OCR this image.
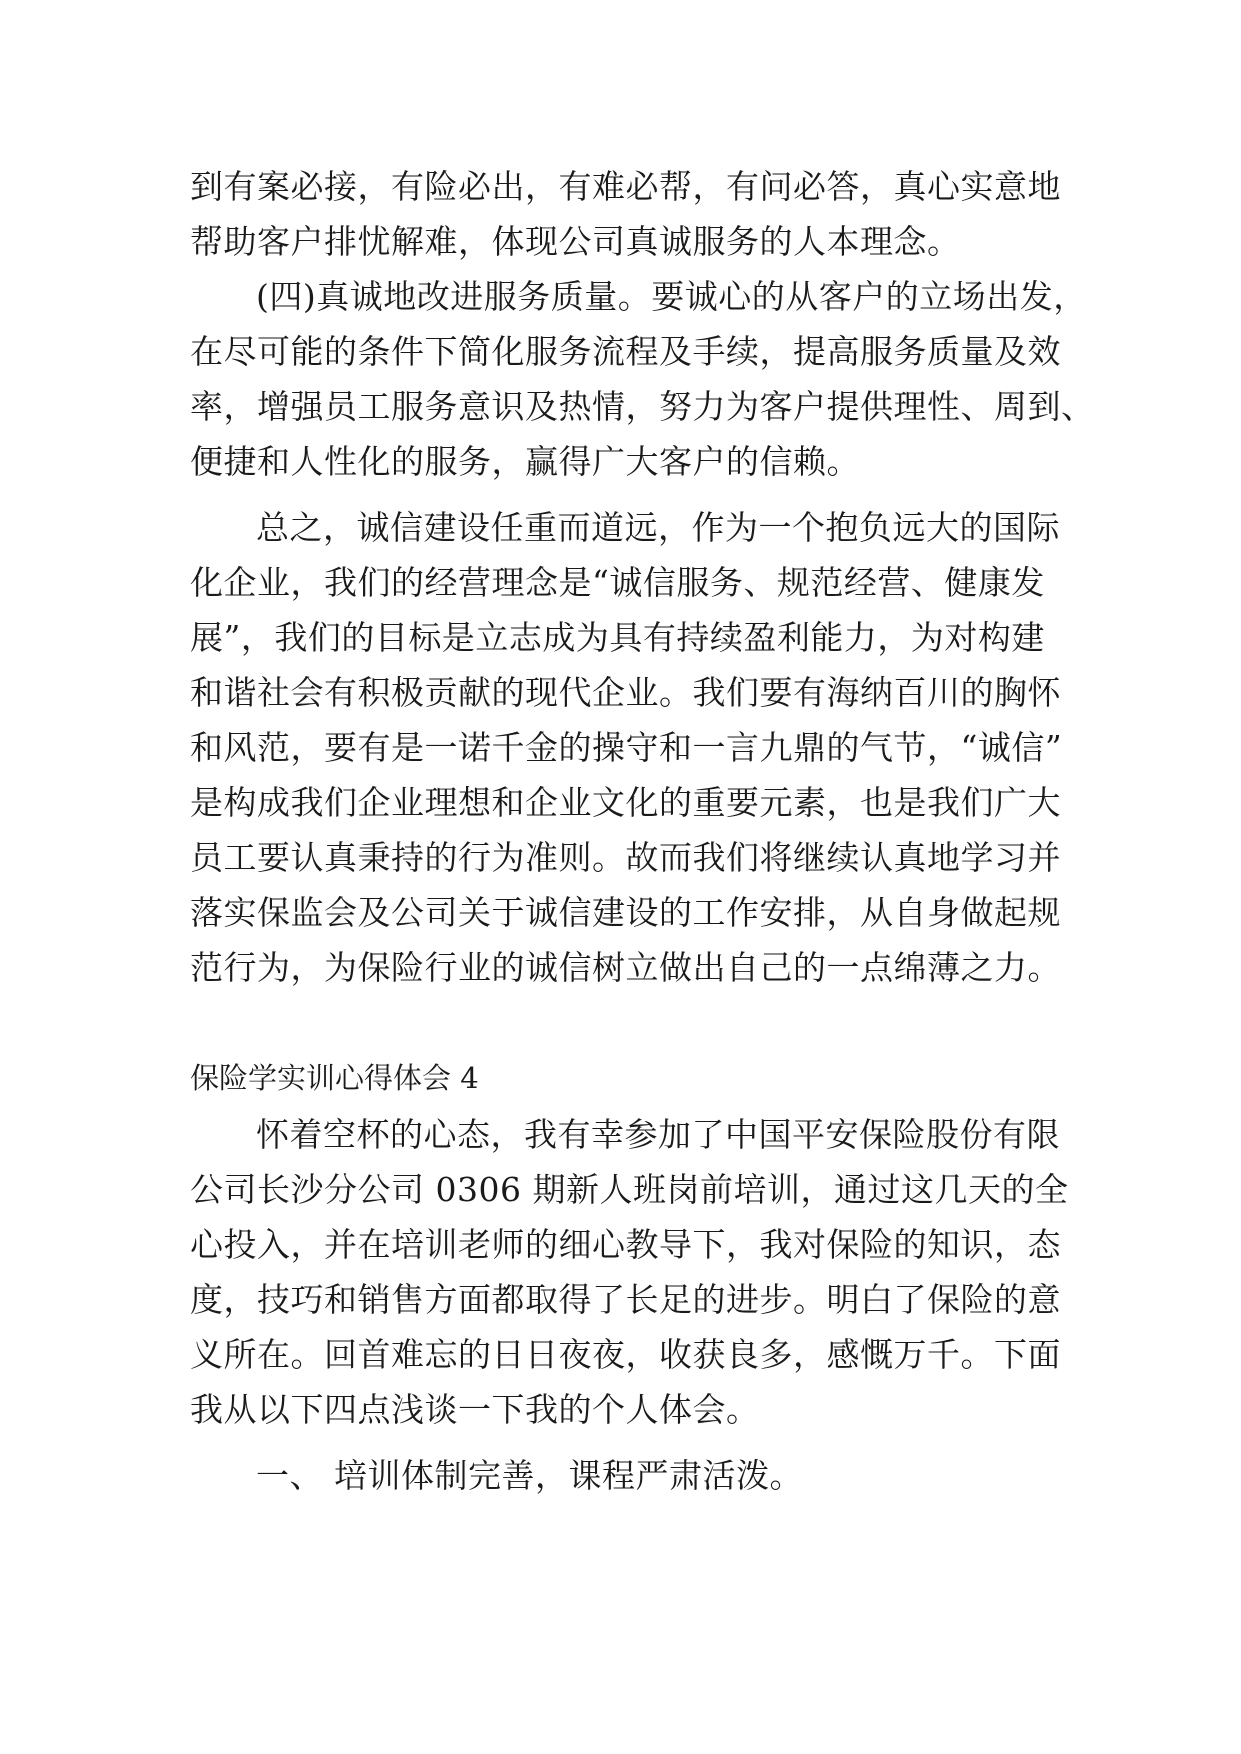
到有案必接，有险必出，有难必帮，有问必答，真心实意地
帮助客户排忧解难，体现公司真诚服务的人本理念。
(四)真诚地改进服务质量。要诚心的从客户的立场出发，
在尽可能的条件下简化服务流程及手续，提高服务质量及效
率，增强员工服务意识及热情，努力为客户提供理性、周到、
便捷和人性化的服务，赢得广大客户的信赖。
总之，诚信建设任重而道远，作为一个抱负远大的国际
化企业，我们的经营理念是“诚信服务、规范经营、健康发
展”，我们的目标是立志成为具有持续盈利能力，为对构建
和谐社会有积极贡献的现代企业。我们要有海纳百川的胸怀
和风范，要有是一诺千金的操守和一言九鼎的气节，“诚信”
是构成我们企业理想和企业文化的重要元素，也是我们广大
员工要认真秉持的行为准则。故而我们将继续认真地学习并
落实保监会及公司关于诚信建设的工作安排，从自身做起规
范行为，为保险行业的诚信树立做出自己的一点绵薄之力。
保险学实训心得体会 4
怀着空杯的心态，我有幸参加了中国平安保险股份有限
公司长沙分公司 0306 期新人班岗前培训，通过这几天的全
心投入，并在培训老师的细心教导下，我对保险的知识，态
度，技巧和销售方面都取得了长足的进步。明白了保险的意
义所在。回首难忘的日日夜夜，收获良多，感慨万千。下面
我从以下四点浅谈一下我的个人体会。
一、 培训体制完善，课程严肃活泼。
